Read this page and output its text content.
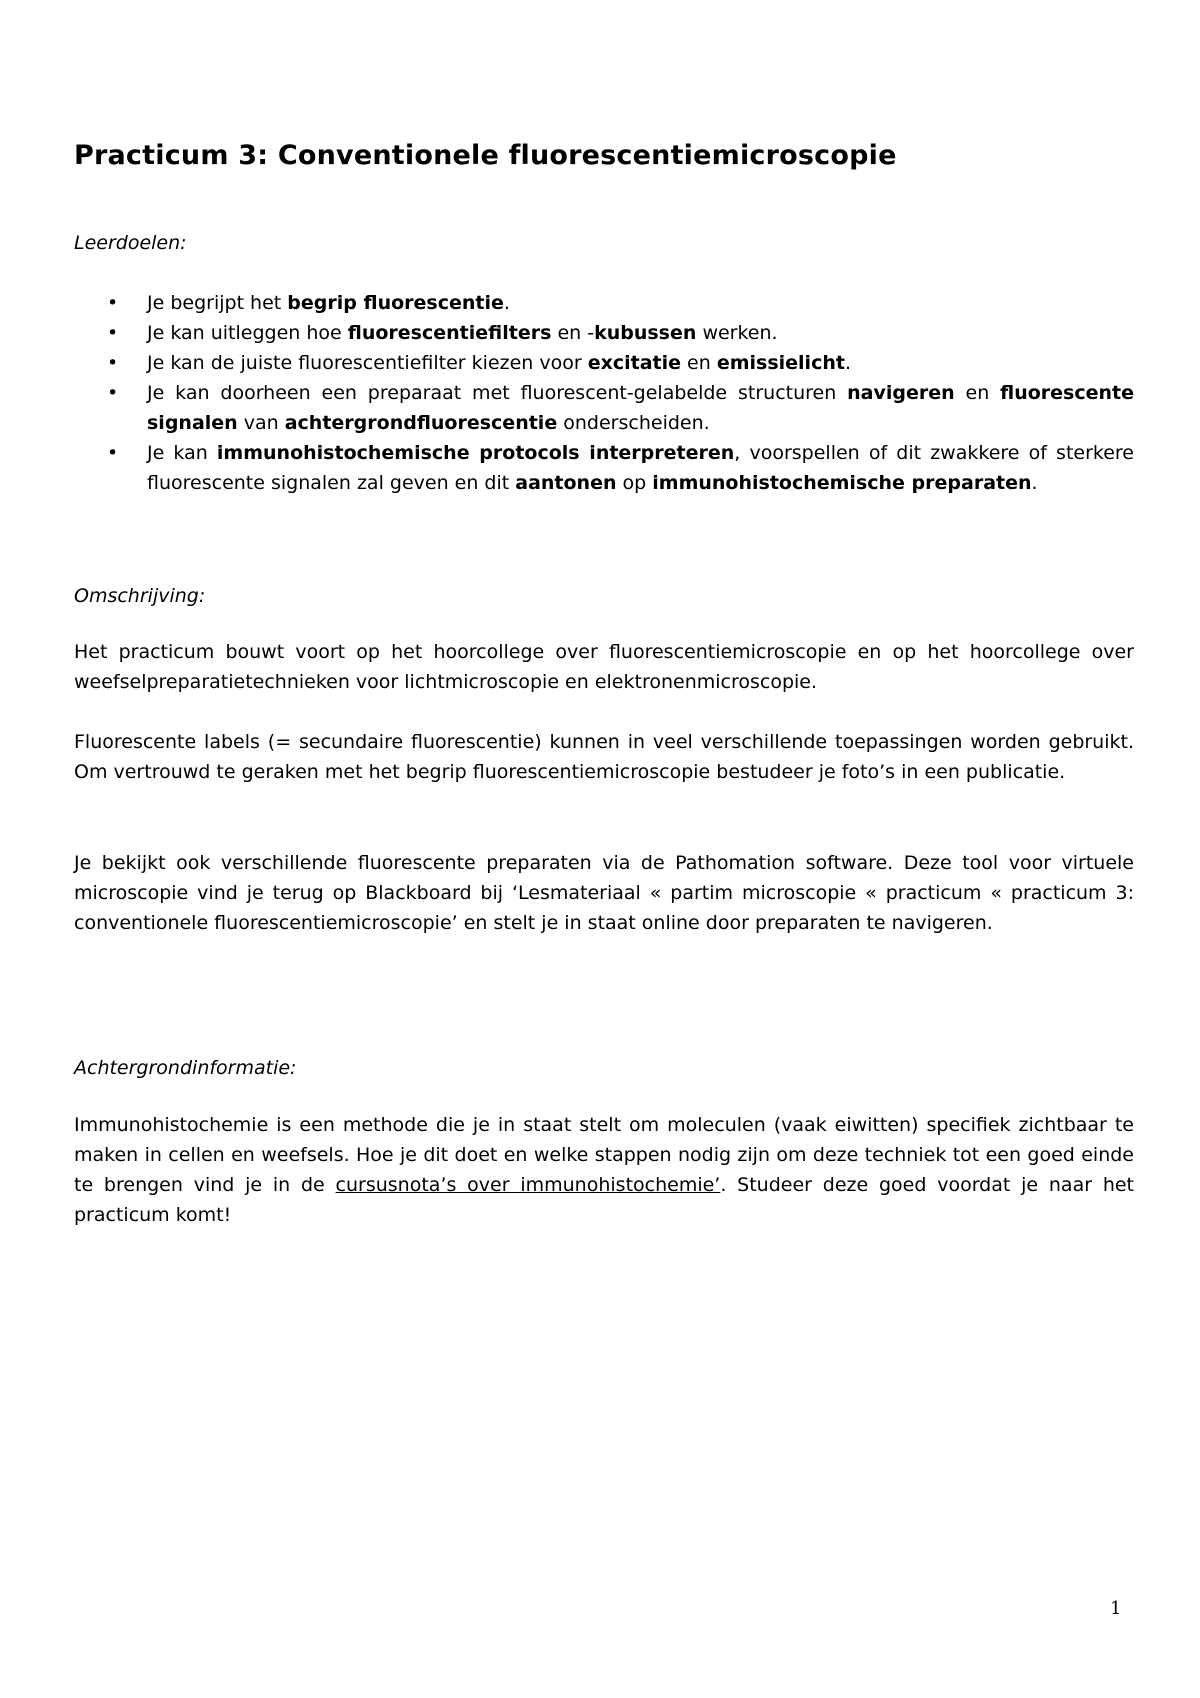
Practicum 3: Conventionele fluorescentiemicroscopie
Leerdoelen:
• Je begrijpt het begrip fluorescentie.
• Je kan uitleggen hoe fluorescentiefilters en -kubussen werken.
• Je kan de juiste fluorescentiefilter kiezen voor excitatie en emissielicht.
• Je kan doorheen een preparaat met fluorescent-gelabelde structuren navigeren en fluorescente signalen van achtergrondfluorescentie onderscheiden.
• Je kan immunohistochemische protocols interpreteren, voorspellen of dit zwakkere of sterkere fluorescente signalen zal geven en dit aantonen op immunohistochemische preparaten.
Omschrijving:

Het practicum bouwt voort op het hoorcollege over fluorescentiemicroscopie en op het hoorcollege over weefselpreparatietechnieken voor lichtmicroscopie en elektronenmicroscopie.

Fluorescente labels (= secundaire fluorescentie) kunnen in veel verschillende toepassingen worden gebruikt. Om vertrouwd te geraken met het begrip fluorescentiemicroscopie bestudeer je foto’s in een publicatie.

Je bekijkt ook verschillende fluorescente preparaten via de Pathomation software. Deze tool voor virtuele microscopie vind je terug op Blackboard bij ‘Lesmateriaal « partim microscopie « practicum « practicum 3: conventionele fluorescentiemicroscopie’ en stelt je in staat online door preparaten te navigeren.

Achtergrondinformatie:

Immunohistochemie is een methode die je in staat stelt om moleculen (vaak eiwitten) specifiek zichtbaar te maken in cellen en weefsels. Hoe je dit doet en welke stappen nodig zijn om deze techniek tot een goed einde te brengen vind je in de cursusnota’s over immunohistochemie’. Studeer deze goed voordat je naar het practicum komt!

1
